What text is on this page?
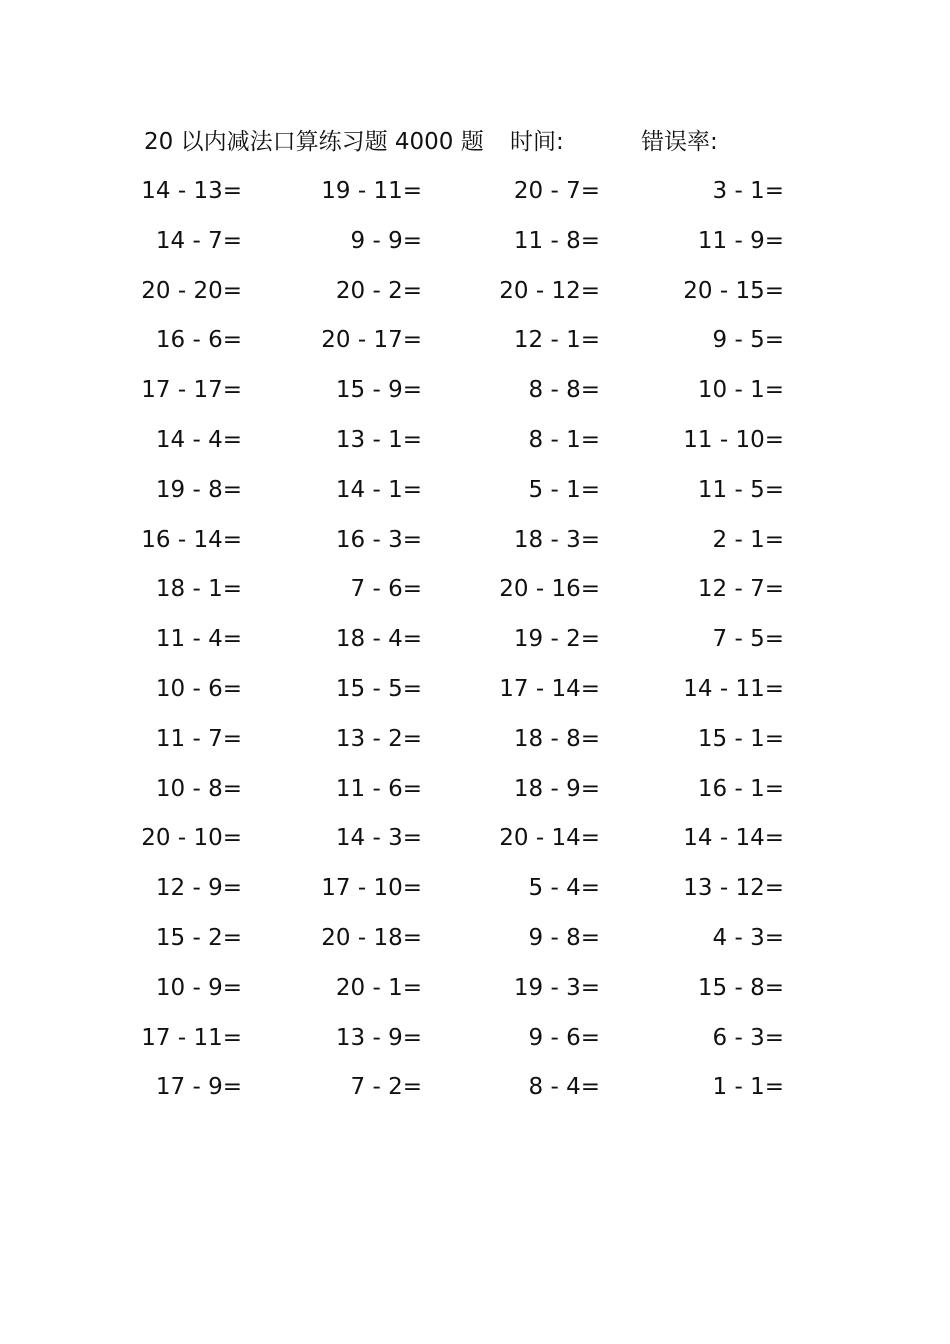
20 以内减法口算练习题 4000 题 时间:	错误率:
14 - 13=	19 - 11=	20 - 7=	3 - 1=
14 - 7=	9 - 9=	11 - 8=	11 - 9=
20 - 20=	20 - 2=	20 - 12=	20 - 15=
16 - 6=	20 - 17=	12 - 1=	9 - 5=
17 - 17=	15 - 9=	8 - 8=	10 - 1=
14 - 4=	13 - 1=	8 - 1=	11 - 10=
19 - 8=	14 - 1=	5 - 1=	11 - 5=
16 - 14=	16 - 3=	18 - 3=	2 - 1=
18 - 1=	7 - 6=	20 - 16=	12 - 7=
11 - 4=	18 - 4=	19 - 2=	7 - 5=
10 - 6=	15 - 5=	17 - 14=	14 - 11=
11 - 7=	13 - 2=	18 - 8=	15 - 1=
10 - 8=	11 - 6=	18 - 9=	16 - 1=
20 - 10=	14 - 3=	20 - 14=	14 - 14=
12 - 9=	17 - 10=	5 - 4=	13 - 12=
15 - 2=	20 - 18=	9 - 8=	4 - 3=
10 - 9=	20 - 1=	19 - 3=	15 - 8=
17 - 11=	13 - 9=	9 - 6=	6 - 3=
17 - 9=	7 - 2=	8 - 4=	1 - 1=
